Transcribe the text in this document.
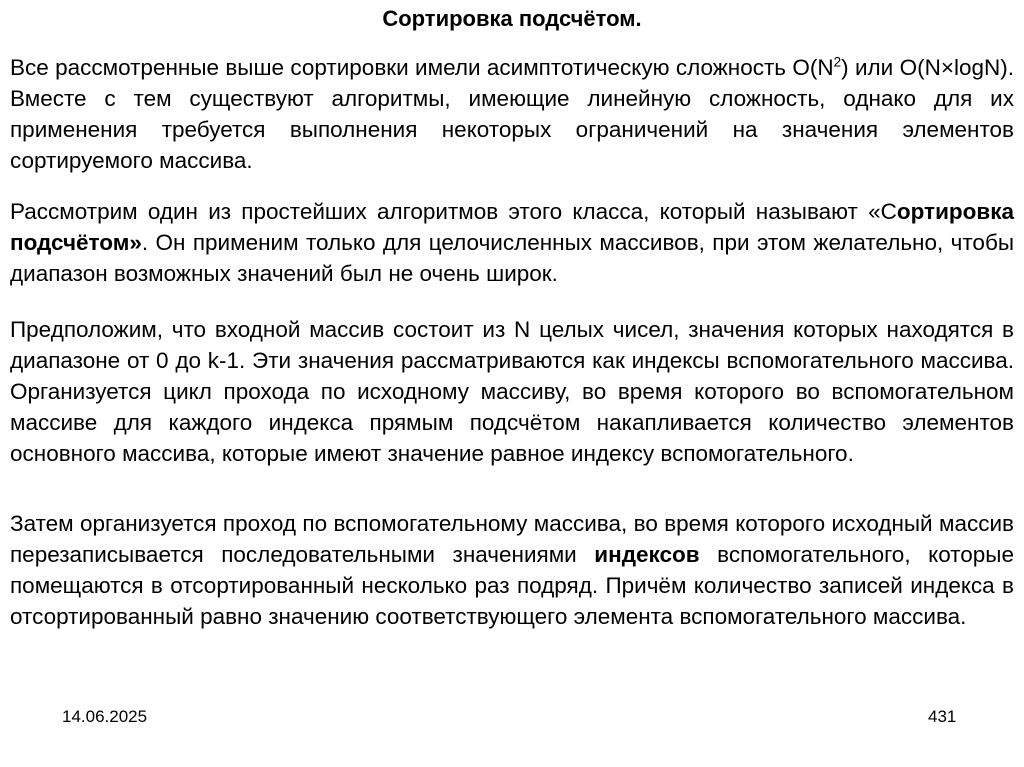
Сортировка подсчётом.

Все рассмотренные выше сортировки имели асимптотическую сложность $O(N^2)$ или O(N×logN). Вместе с тем существуют алгоритмы, имеющие линейную сложность, однако для их применения требуется выполнения некоторых ограничений на значения элементов сортируемого массива.

Рассмотрим один из простейших алгоритмов этого класса, который называют «Сортировка подсчётом». Он применим только для целочисленных массивов, при этом желательно, чтобы диапазон возможных значений был не очень широк.

Предположим, что входной массив состоит из N целых чисел, значения которых находятся в диапазоне от 0 до k-1. Эти значения рассматриваются как индексы вспомогательного массива. Организуется цикл прохода по исходному массиву, во время которого во вспомогательном массиве для каждого индекса прямым подсчётом накапливается количество элементов основного массива, которые имеют значение равное индексу вспомогательного.

Затем организуется проход по вспомогательному массива, во время которого исходный массив перезаписывается последовательными значениями индексов вспомогательного, которые помещаются в отсортированный несколько раз подряд. Причём количество записей индекса в отсортированный равно значению соответствующего элемента вспомогательного массива.

14.06.2025	431
